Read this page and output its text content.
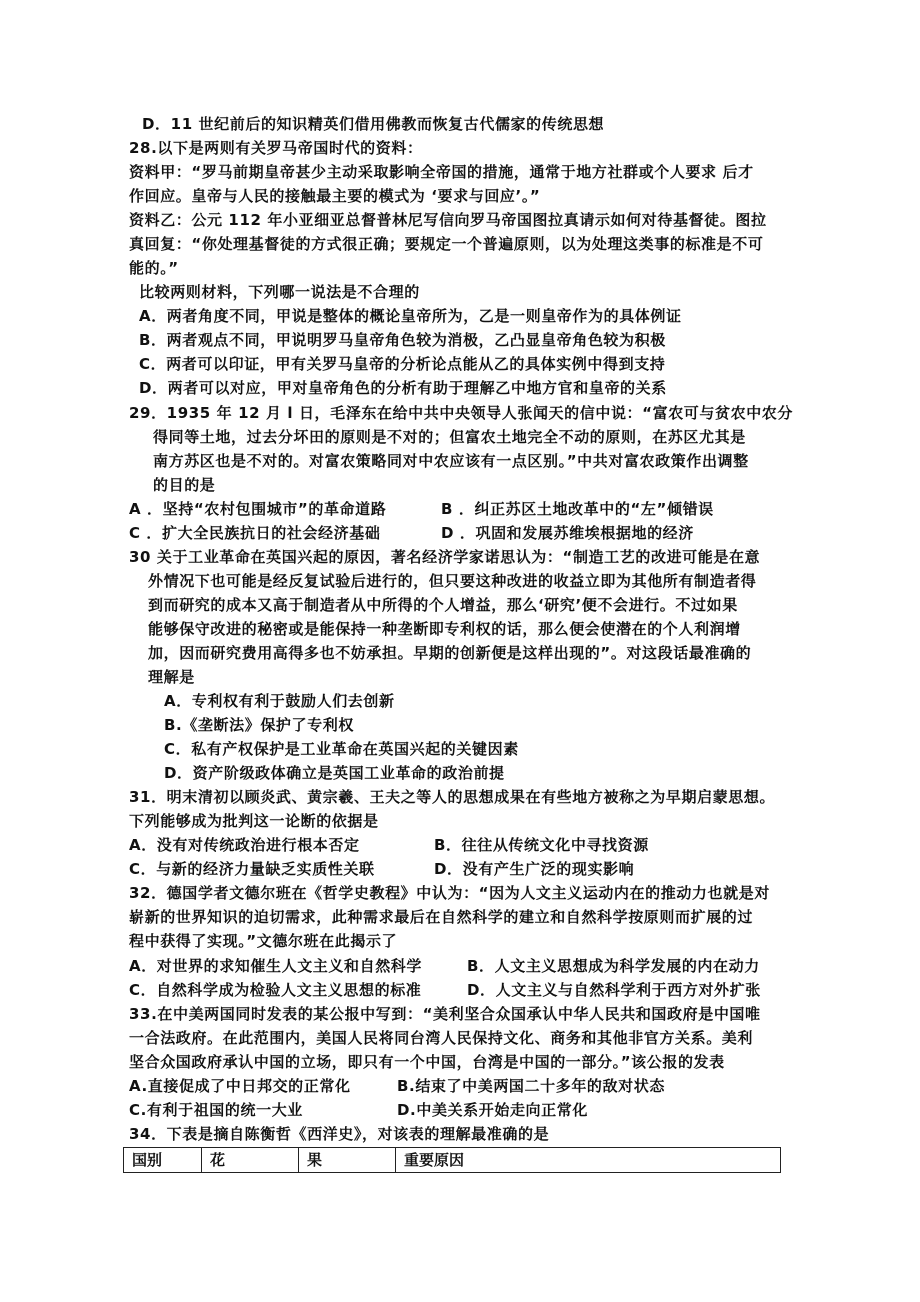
D．11 世纪前后的知识精英们借用佛教而恢复古代儒家的传统思想
28.以下是两则有关罗马帝国时代的资料：
资料甲：“罗马前期皇帝甚少主动采取影响全帝国的措施，通常于地方社群或个人要求 后才
作回应。皇帝与人民的接触最主要的模式为 ‘要求与回应’。”
资料乙：公元 112 年小亚细亚总督普林尼写信向罗马帝国图拉真请示如何对待基督徒。图拉
真回复：“你处理基督徒的方式很正确；要规定一个普遍原则，以为处理这类事的标准是不可
能的。”
比较两则材料，下列哪一说法是不合理的
A．两者角度不同，甲说是整体的概论皇帝所为，乙是一则皇帝作为的具体例证
B．两者观点不同，甲说明罗马皇帝角色较为消极，乙凸显皇帝角色较为积极
C．两者可以印证，甲有关罗马皇帝的分析论点能从乙的具体实例中得到支持
D．两者可以对应，甲对皇帝角色的分析有助于理解乙中地方官和皇帝的关系
29．1935 年 12 月 l 日，毛泽东在给中共中央领导人张闻天的信中说：“富农可与贫农中农分
得同等土地，过去分坏田的原则是不对的；但富农土地完全不动的原则，在苏区尤其是
南方苏区也是不对的。对富农策略同对中农应该有一点区别。”中共对富农政策作出调整
的目的是
A ．坚持“农村包围城市”的革命道路	B ．纠正苏区土地改革中的“左”倾错误
C ．扩大全民族抗日的社会经济基础	D ．巩固和发展苏维埃根据地的经济
30 关于工业革命在英国兴起的原因，著名经济学家诺思认为：“制造工艺的改进可能是在意
外情况下也可能是经反复试验后进行的，但只要这种改进的收益立即为其他所有制造者得
到而研究的成本又高于制造者从中所得的个人增益，那么‘研究’便不会进行。不过如果
能够保守改进的秘密或是能保持一种垄断即专利权的话，那么便会使潜在的个人利润增
加，因而研究费用高得多也不妨承担。早期的创新便是这样出现的”。对这段话最准确的
理解是
A．专利权有利于鼓励人们去创新
B.《垄断法》保护了专利权
C．私有产权保护是工业革命在英国兴起的关键因素
D．资产阶级政体确立是英国工业革命的政治前提
31．明末清初以顾炎武、黄宗羲、王夫之等人的思想成果在有些地方被称之为早期启蒙思想。
下列能够成为批判这一论断的依据是
A．没有对传统政治进行根本否定	B．往往从传统文化中寻找资源
C．与新的经济力量缺乏实质性关联	D．没有产生广泛的现实影响
32．德国学者文德尔班在《哲学史教程》中认为：“因为人文主义运动内在的推动力也就是对
崭新的世界知识的迫切需求，此种需求最后在自然科学的建立和自然科学按原则而扩展的过
程中获得了实现。”文德尔班在此揭示了
A．对世界的求知催生人文主义和自然科学	B．人文主义思想成为科学发展的内在动力
C．自然科学成为检验人文主义思想的标准	D．人文主义与自然科学利于西方对外扩张
33.在中美两国同时发表的某公报中写到：“美利坚合众国承认中华人民共和国政府是中国唯
一合法政府。在此范围内，美国人民将同台湾人民保持文化、商务和其他非官方关系。美利
坚合众国政府承认中国的立场，即只有一个中国，台湾是中国的一部分。”该公报的发表
A.直接促成了中日邦交的正常化	B.结束了中美两国二十多年的敌对状态
C.有利于祖国的统一大业	D.中美关系开始走向正常化
34．下表是摘自陈衡哲《西洋史》，对该表的理解最准确的是
国别	花	果	重要原因
